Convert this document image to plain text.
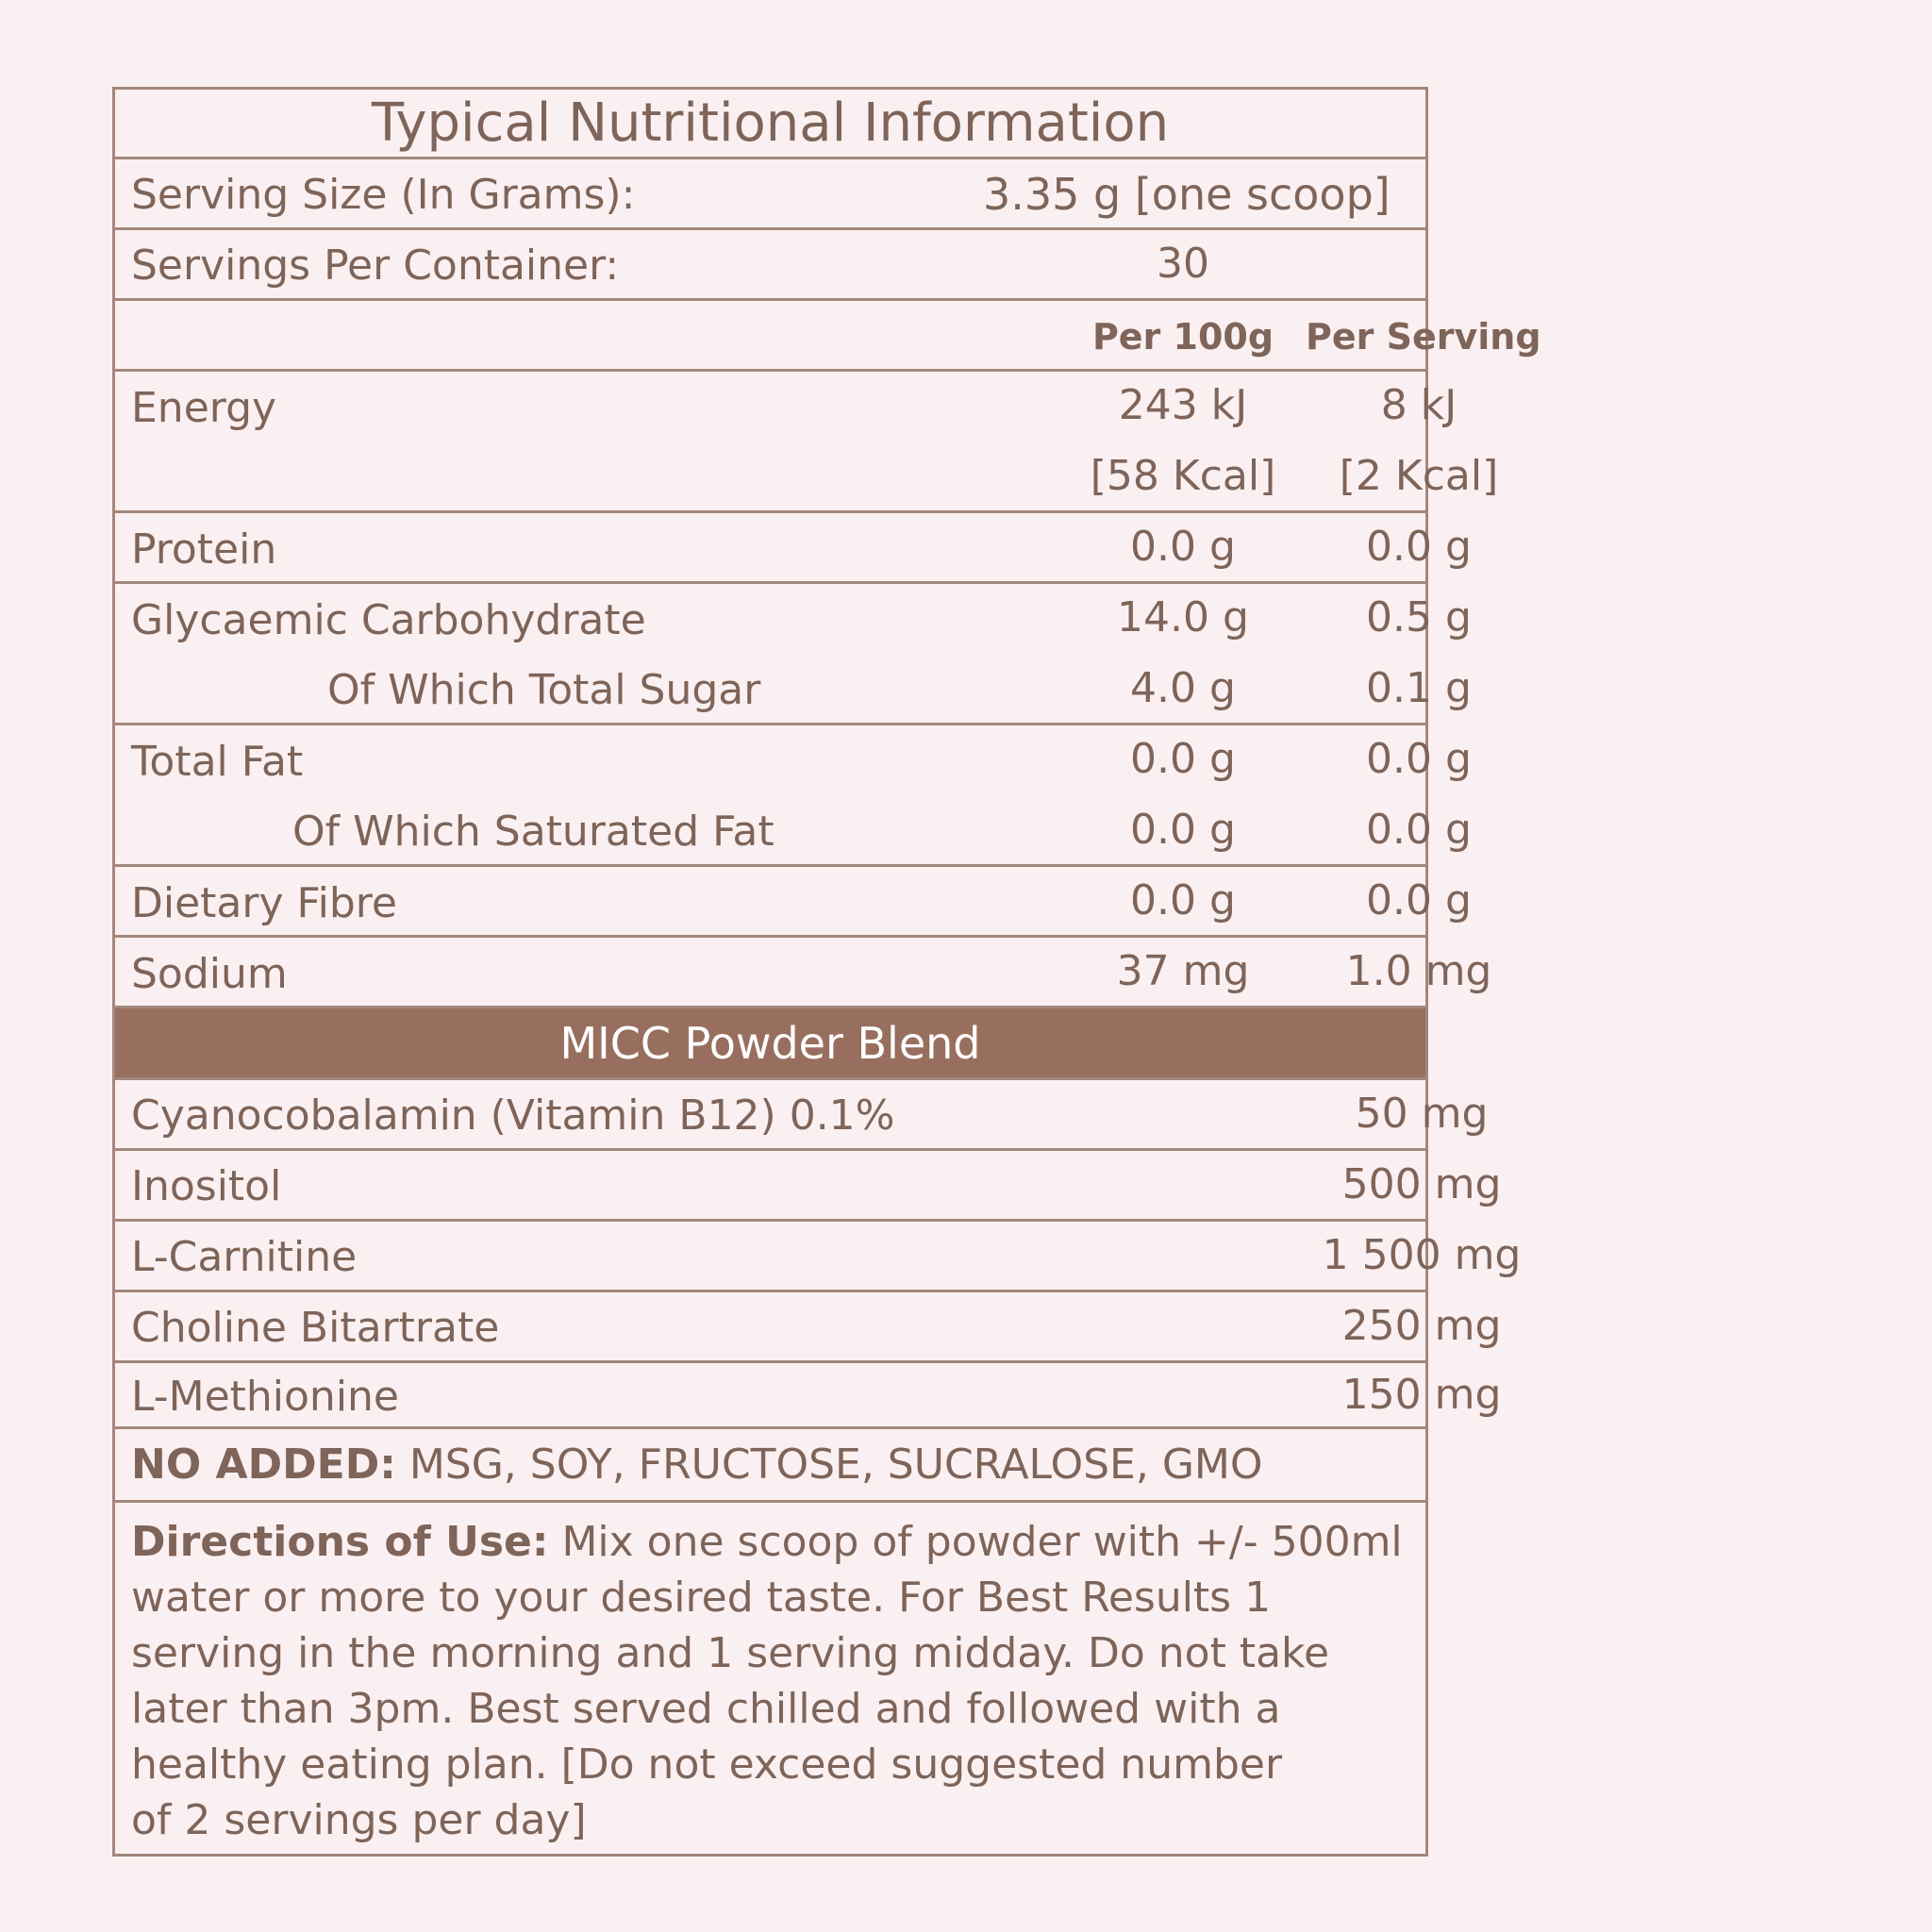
Typical Nutritional Information
Serving Size (In Grams):	3.35 g [one scoop]
Servings Per Container:	30
Per 100g Per Serving
Energy	243 kJ	8 kJ
[58 Kcal]	[2 Kcal]
Protein	0.0 g	0.0 g
Glycaemic Carbohydrate	14.0 g	0.5 g
Of Which Total Sugar	4.0 g	0.1 g
Total Fat	0.0 g	0.0 g
Of Which Saturated Fat	0.0 g	0.0 g
Dietary Fibre	0.0 g	0.0 g
Sodium	37 mg	1.0 mg
MICC Powder Blend
Cyanocobalamin (Vitamin B12) 0.1%	50 mg
Inositol	500 mg
L-Carnitine	1 500 mg
Choline Bitartrate	250 mg
L-Methionine	150 mg
NO ADDED: MSG, SOY, FRUCTOSE, SUCRALOSE, GMO
Directions of Use: Mix one scoop of powder with +/- 500ml
water or more to your desired taste. For Best Results 1
serving in the morning and 1 serving midday. Do not take
later than 3pm. Best served chilled and followed with a
healthy eating plan. [Do not exceed suggested number
of 2 servings per day]
